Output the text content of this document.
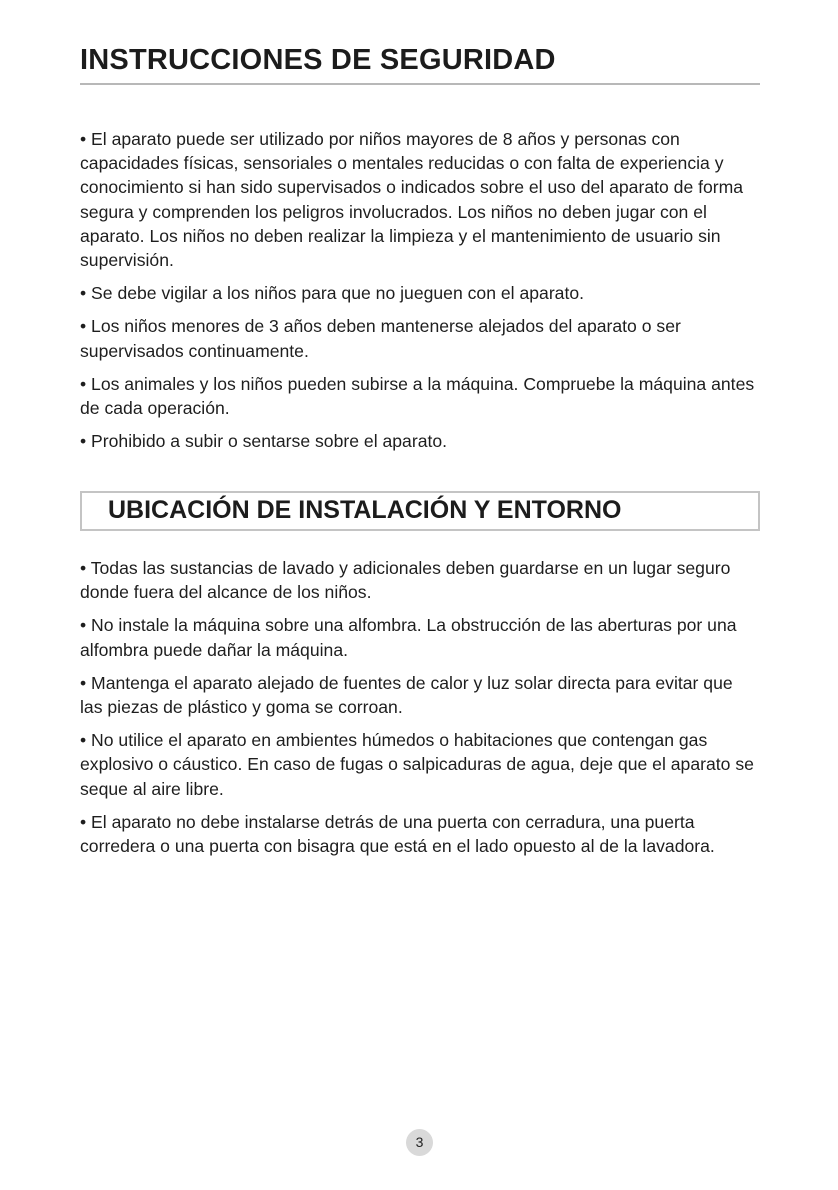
INSTRUCCIONES DE SEGURIDAD

• El aparato puede ser utilizado por niños mayores de 8 años y personas con capacidades físicas, sensoriales o mentales reducidas o con falta de experiencia y conocimiento si han sido supervisados o indicados sobre el uso del aparato de forma segura y comprenden los peligros involucrados. Los niños no deben jugar con el aparato. Los niños no deben realizar la limpieza y el mantenimiento de usuario sin supervisión.

• Se debe vigilar a los niños para que no jueguen con el aparato.

• Los niños menores de 3 años deben mantenerse alejados del aparato o ser supervisados continuamente.

• Los animales y los niños pueden subirse a la máquina. Compruebe la máquina antes de cada operación.

• Prohibido a subir o sentarse sobre el aparato.

UBICACIÓN DE INSTALACIÓN Y ENTORNO

• Todas las sustancias de lavado y adicionales deben guardarse en un lugar seguro donde fuera del alcance de los niños.

• No instale la máquina sobre una alfombra. La obstrucción de las aberturas por una alfombra puede dañar la máquina.

• Mantenga el aparato alejado de fuentes de calor y luz solar directa para evitar que las piezas de plástico y goma se corroan.

• No utilice el aparato en ambientes húmedos o habitaciones que contengan gas explosivo o cáustico. En caso de fugas o salpicaduras de agua, deje que el aparato se seque al aire libre.

• El aparato no debe instalarse detrás de una puerta con cerradura, una puerta corredera o una puerta con bisagra que está en el lado opuesto al de la lavadora.

3
